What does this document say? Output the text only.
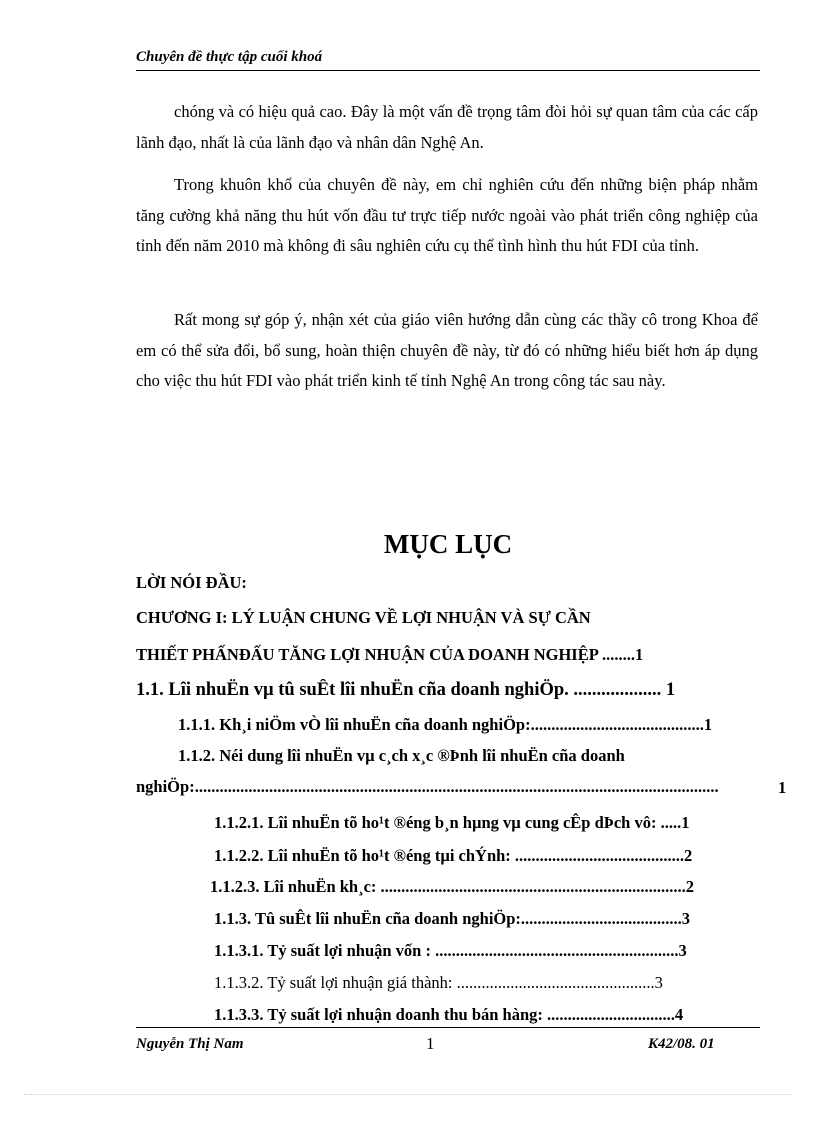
Chuyên đề thực tập cuối khoá

chóng và có hiệu quả cao. Đây là một vấn đề trọng tâm đòi hỏi sự quan tâm của các cấp lãnh đạo, nhất là của lãnh đạo và nhân dân Nghệ An.

Trong khuôn khổ của chuyên đề này, em chỉ nghiên cứu đến những biện pháp nhằm tăng cường khả năng thu hút vốn đầu tư trực tiếp nước ngoài vào phát triển công nghiệp của tỉnh đến năm 2010 mà không đi sâu nghiên cứu cụ thể tình hình thu hút FDI của tỉnh.

Rất mong sự góp ý, nhận xét của giáo viên hướng dẫn cùng các thầy cô trong Khoa để em có thể sửa đổi, bổ sung, hoàn thiện chuyên đề này, từ đó có những hiểu biết hơn áp dụng cho việc thu hút FDI vào phát triển kinh tế tỉnh Nghệ An trong công tác sau này.

MỤC LỤC
LỜI NÓI ĐẦU:
CHƯƠNG I: LÝ LUẬN CHUNG VỀ LỢI NHUẬN VÀ SỰ CẦN
THIẾT PHẤNĐẤU TĂNG LỢI NHUẬN CỦA DOANH NGHIỆP ........1
1.1. Lîi nhuËn vµ tû suÊt lîi nhuËn cña doanh nghiÖp. ................... 1
1.1.1. Kh¸i niÖm vÒ lîi nhuËn cña doanh nghiÖp:..........................................1
1.1.2. Néi dung lîi nhuËn vµ c¸ch x¸c ®Þnh lîi nhuËn cña doanh
nghiÖp:...............................................................................................................................	1
1.1.2.1. Lîi nhuËn tõ ho¹t ®éng b¸n hµng vµ cung cÊp dÞch vô: .....1
1.1.2.2. Lîi nhuËn tõ ho¹t ®éng tµi chÝnh: .........................................2
1.1.2.3. Lîi nhuËn kh¸c: ..........................................................................2
1.1.3. Tû suÊt lîi nhuËn cña doanh nghiÖp:.......................................3
1.1.3.1. Tỷ suất lợi nhuận vốn : ...........................................................3
1.1.3.2. Tỷ suất lợi nhuận giá thành: ................................................3
1.1.3.3. Tỷ suất lợi nhuận doanh thu bán hàng: ...............................4
Nguyễn Thị Nam	1	K42/08. 01
